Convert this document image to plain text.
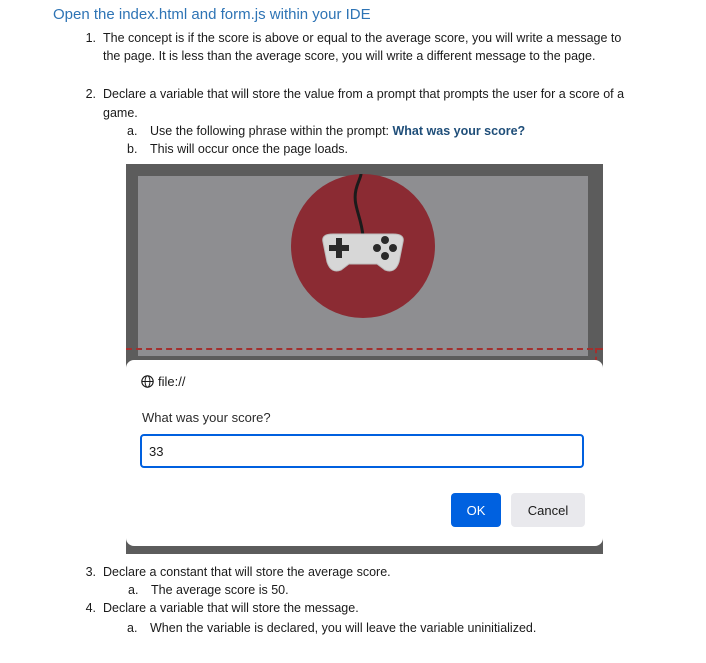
Open the index.html and form.js within your IDE
1. The concept is if the score is above or equal to the average score, you will write a message to
the page. It is less than the average score, you will write a different message to the page.
2. Declare a variable that will store the value from a prompt that prompts the user for a score of a
game.
a. Use the following phrase within the prompt: What was your score?
b. This will occur once the page loads.
file://
What was your score?
33
OK	Cancel
3. Declare a constant that will store the average score.
a. The average score is 50.
4. Declare a variable that will store the message.
a. When the variable is declared, you will leave the variable uninitialized.
